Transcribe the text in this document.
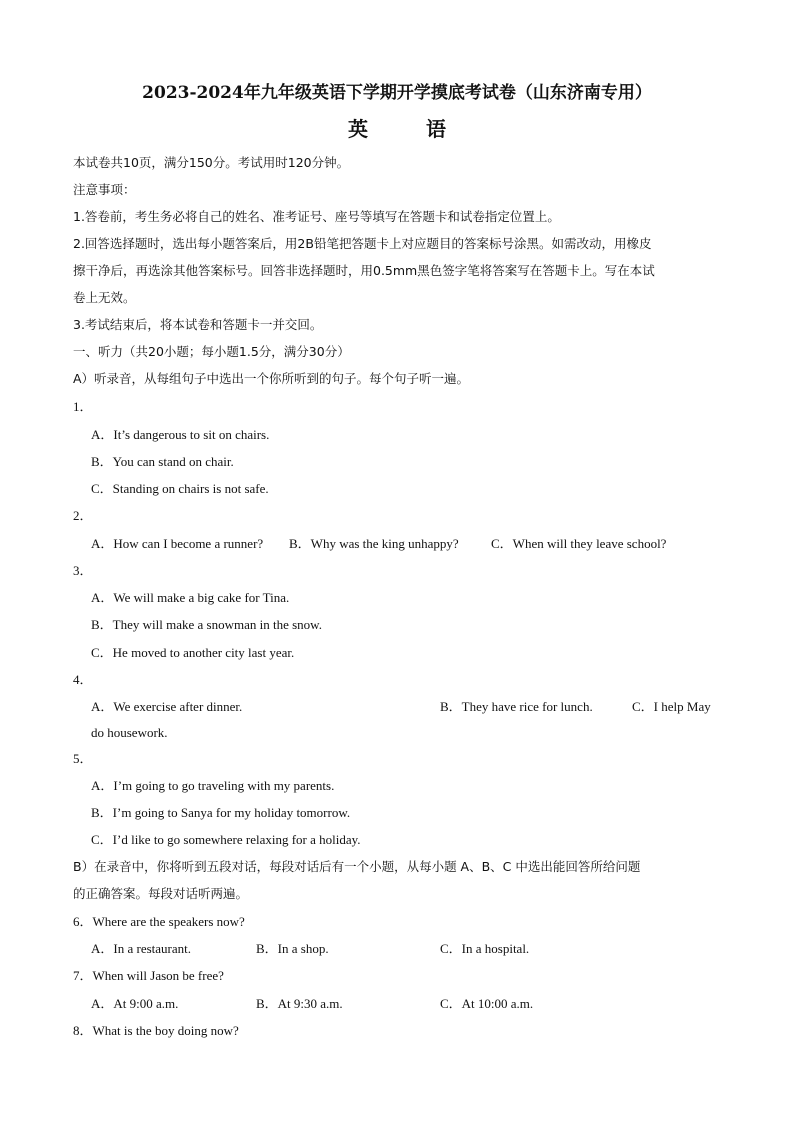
2023-2024年九年级英语下学期开学摸底考试卷（山东济南专用）
英语
本试卷共10页，满分150分。考试用时120分钟。
注意事项：
1.答卷前，考生务必将自己的姓名、准考证号、座号等填写在答题卡和试卷指定位置上。
2.回答选择题时，选出每小题答案后，用2B铅笔把答题卡上对应题目的答案标号涂黑。如需改动，用橡皮
擦干净后，再选涂其他答案标号。回答非选择题时，用0.5mm黑色签字笔将答案写在答题卡上。写在本试
卷上无效。
3.考试结束后，将本试卷和答题卡一并交回。
一、听力（共20小题；每小题1.5分，满分30分）
A）听录音，从每组句子中选出一个你所听到的句子。每个句子听一遍。
1．
A．It’s dangerous to sit on chairs.
B．You can stand on chair.
C．Standing on chairs is not safe.
2．
A．How can I become a runner? B．Why was the king unhappy? C．When will they leave school?
3．
A．We will make a big cake for Tina.
B．They will make a snowman in the snow.
C．He moved to another city last year.
4．
A．We exercise after dinner.	B．They have rice for lunch.	C．I help May
do housework.
5．
A．I’m going to go traveling with my parents.
B．I’m going to Sanya for my holiday tomorrow.
C．I’d like to go somewhere relaxing for a holiday.
B）在录音中，你将听到五段对话，每段对话后有一个小题，从每小题 A、B、C 中选出能回答所给问题
的正确答案。每段对话听两遍。
6．Where are the speakers now?
A．In a restaurant.	B．In a shop.	C．In a hospital.
7．When will Jason be free?
A．At 9:00 a.m.	B．At 9:30 a.m.	C．At 10:00 a.m.
8．What is the boy doing now?
